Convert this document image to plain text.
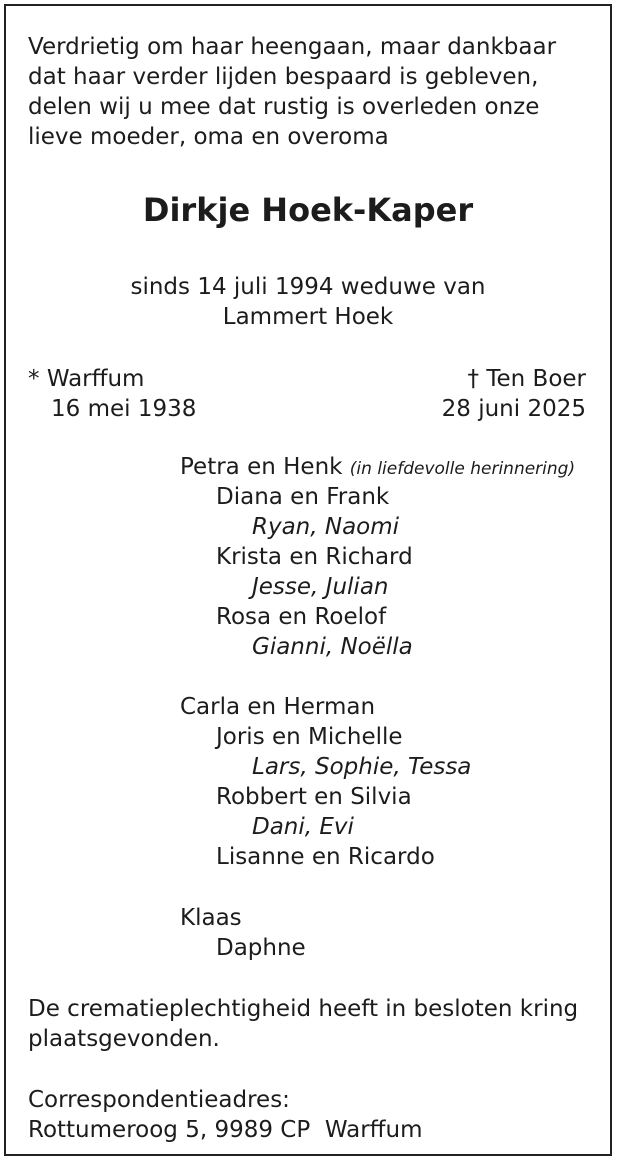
Verdrietig om haar heengaan, maar dankbaar
dat haar verder lijden bespaard is gebleven,
delen wij u mee dat rustig is overleden onze
lieve moeder, oma en overoma
Dirkje Hoek-Kaper
sinds 14 juli 1994 weduwe van
Lammert Hoek
* Warffum
16 mei 1938
† Ten Boer
28 juni 2025
Petra en Henk (in liefdevolle herinnering)
Diana en Frank
Ryan, Naomi
Krista en Richard
Jesse, Julian
Rosa en Roelof
Gianni, Noëlla
Carla en Herman
Joris en Michelle
Lars, Sophie, Tessa
Robbert en Silvia
Dani, Evi
Lisanne en Ricardo
Klaas
Daphne
De crematieplechtigheid heeft in besloten kring
plaatsgevonden.
Correspondentieadres:
Rottumeroog 5, 9989 CP  Warffum
